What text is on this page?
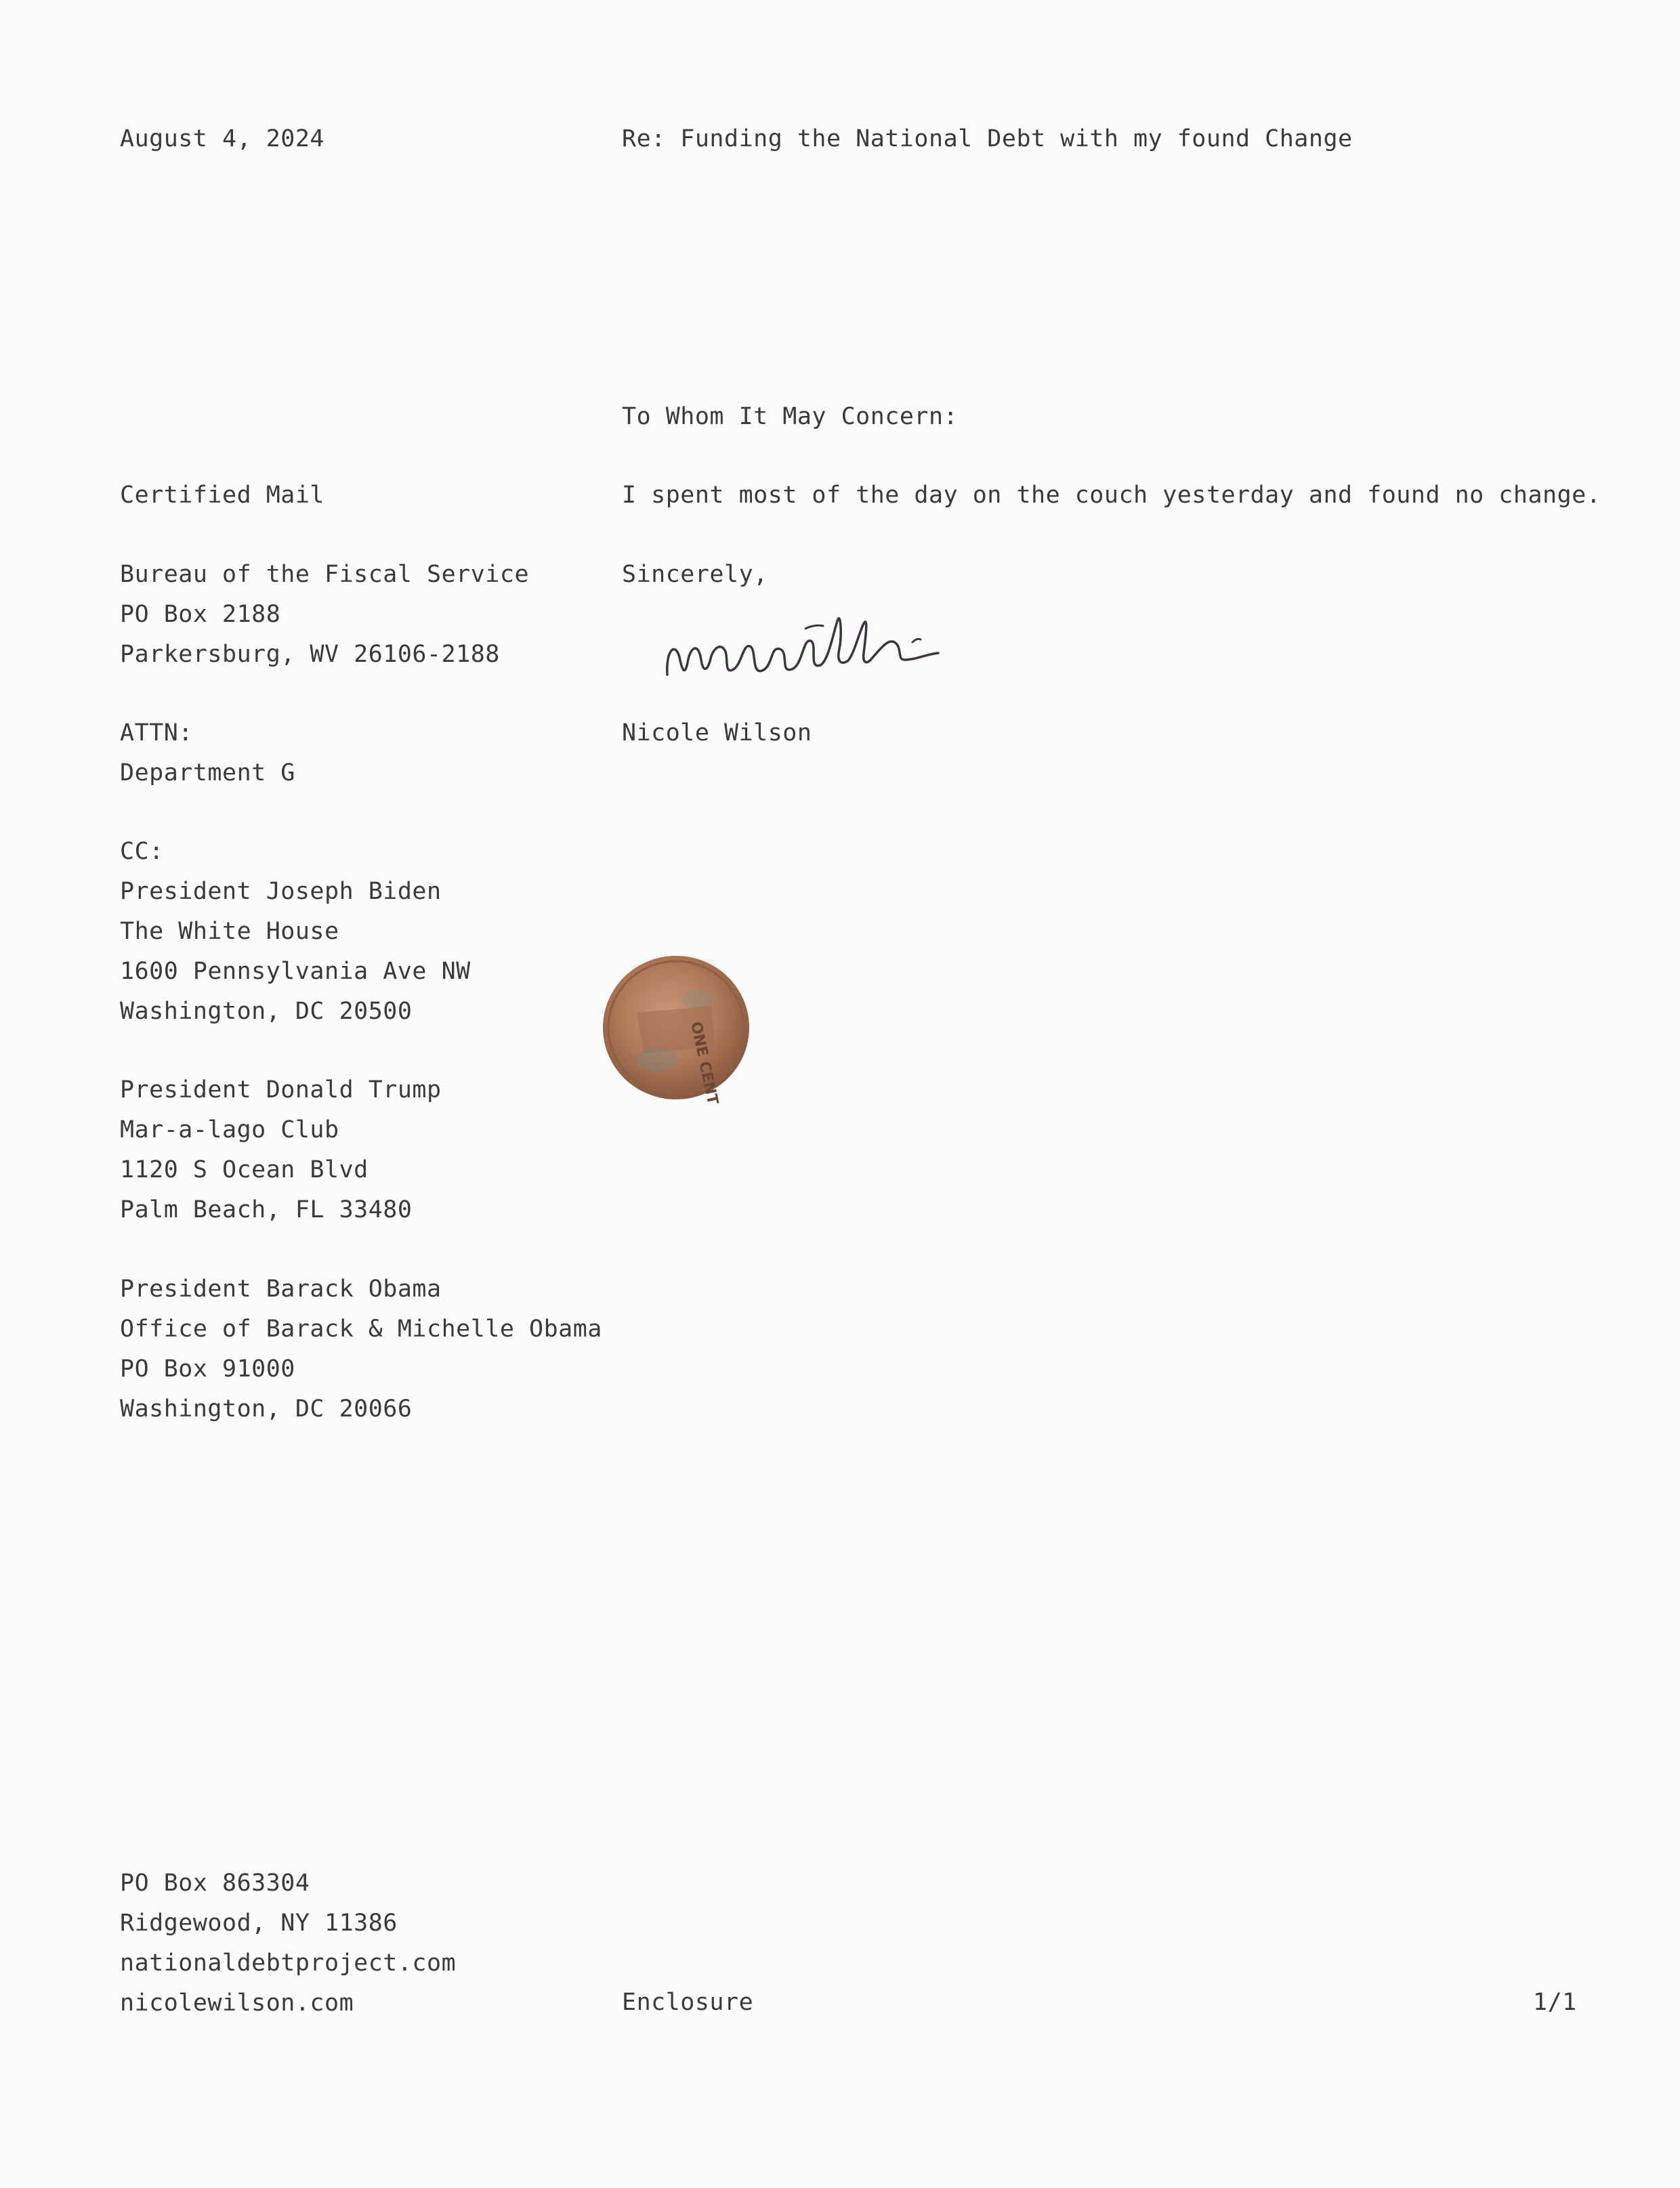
August 4, 2024
Certified Mail
Bureau of the Fiscal Service
PO Box 2188
Parkersburg, WV 26106-2188
ATTN:
Department G
CC:
President Joseph Biden
The White House
1600 Pennsylvania Ave NW
Washington, DC 20500
President Donald Trump
Mar-a-lago Club
1120 S Ocean Blvd
Palm Beach, FL 33480
President Barack Obama
Office of Barack & Michelle Obama
PO Box 91000
Washington, DC 20066
PO Box 863304
Ridgewood, NY 11386
nationaldebtproject.com
nicolewilson.com
Re: Funding the National Debt with my found Change
To Whom It May Concern:
I spent most of the day on the couch yesterday and found no change.
Sincerely,
Nicole Wilson
ONE CENT
Enclosure	1/1
